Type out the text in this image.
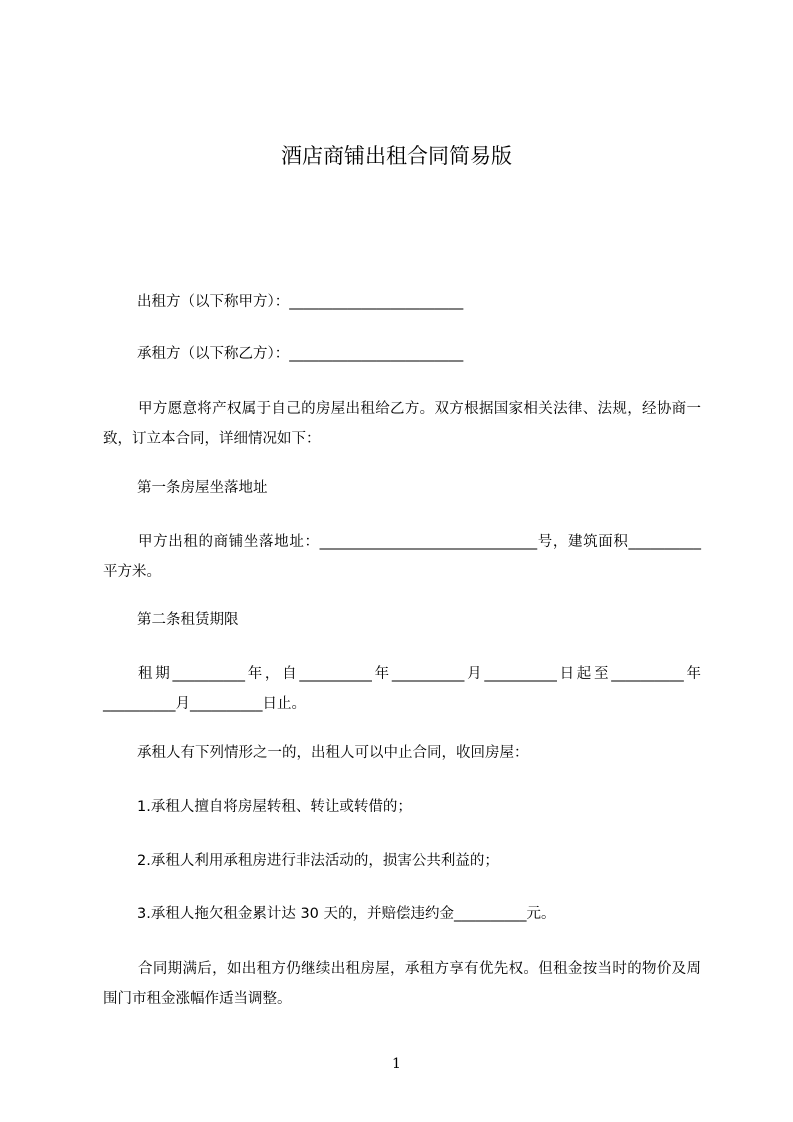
酒店商铺出租合同简易版
出租方（以下称甲方）：________________________
承租方（以下称乙方）：________________________
甲方愿意将产权属于自己的房屋出租给乙方。双方根据国家相关法律、法规，经协商一致，订立本合同，详细情况如下：
第一条房屋坐落地址
甲方出租的商铺坐落地址：______________________________号，建筑面积__________平方米。
第二条租赁期限
租期__________年，自__________年__________月__________日起至__________年__________月__________日止。
承租人有下列情形之一的，出租人可以中止合同，收回房屋：
1.承租人擅自将房屋转租、转让或转借的；
2.承租人利用承租房进行非法活动的，损害公共利益的；
3.承租人拖欠租金累计达 30 天的，并赔偿违约金__________元。
合同期满后，如出租方仍继续出租房屋，承租方享有优先权。但租金按当时的物价及周围门市租金涨幅作适当调整。
1
